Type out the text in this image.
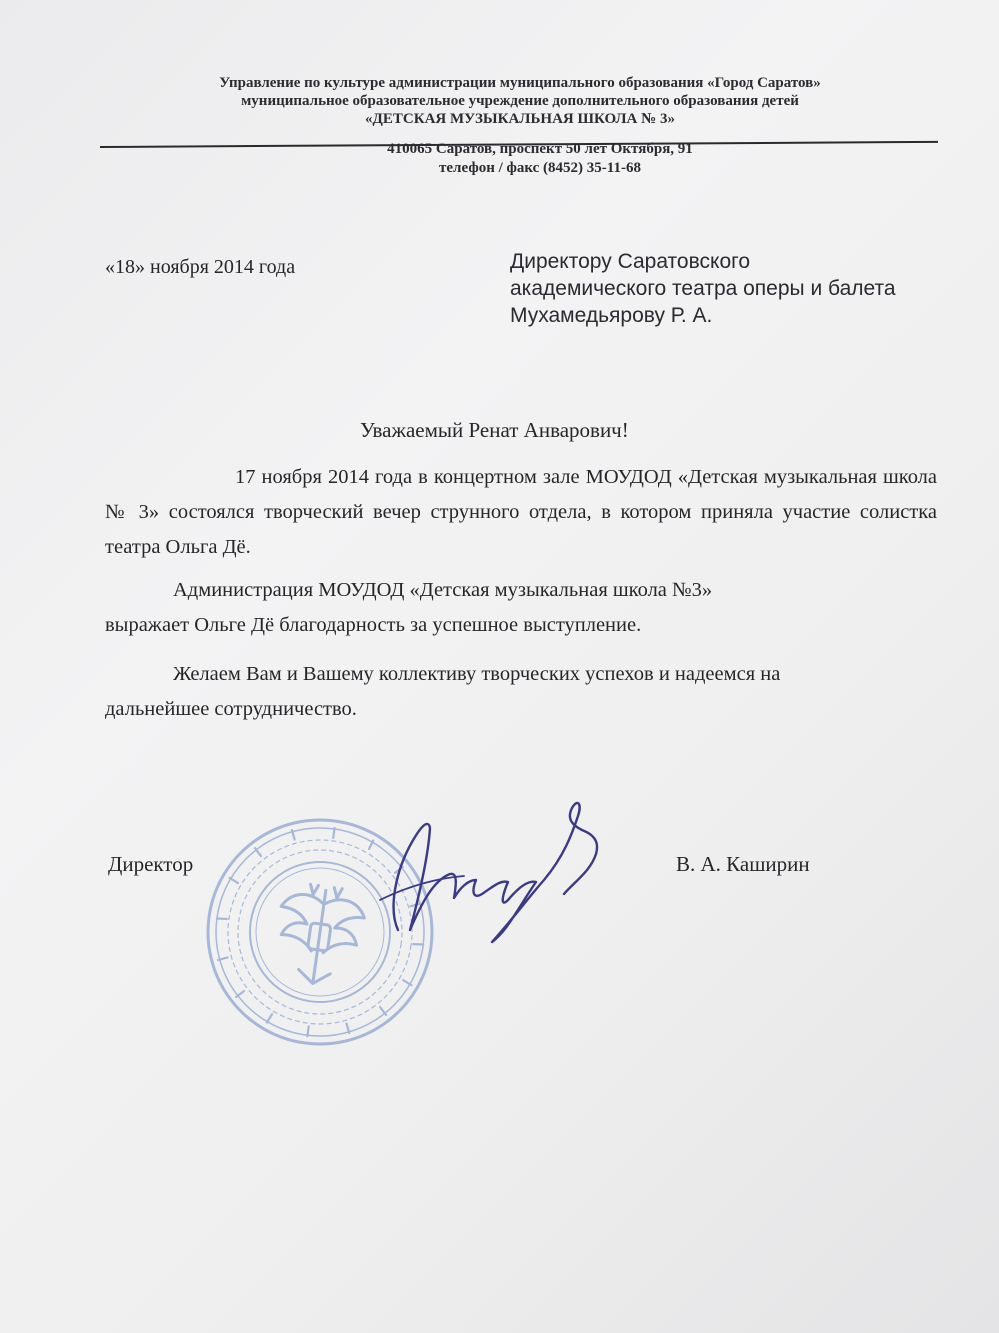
Управление по культуре администрации муниципального образования «Город Саратов»
муниципальное образовательное учреждение дополнительного образования детей
«ДЕТСКАЯ МУЗЫКАЛЬНАЯ ШКОЛА № 3»
410065 Саратов, проспект 50 лет Октября, 91
телефон / факс (8452) 35-11-68
«18» ноября 2014 года	Директору Саратовского
академического театра оперы и балета
Мухамедьярову Р. А.
Уважаемый Ренат Анварович!

17 ноября 2014 года в концертном зале МОУДОД «Детская музыкальная школа № 3» состоялся творческий вечер струнного отдела, в котором приняла участие солистка театра Ольга Дё.

Администрация МОУДОД «Детская музыкальная школа №3»
выражает Ольге Дё благодарность за успешное выступление.

Желаем Вам и Вашему коллективу творческих успехов и надеемся на
дальнейшее сотрудничество.

Директор	В. А. Каширин
